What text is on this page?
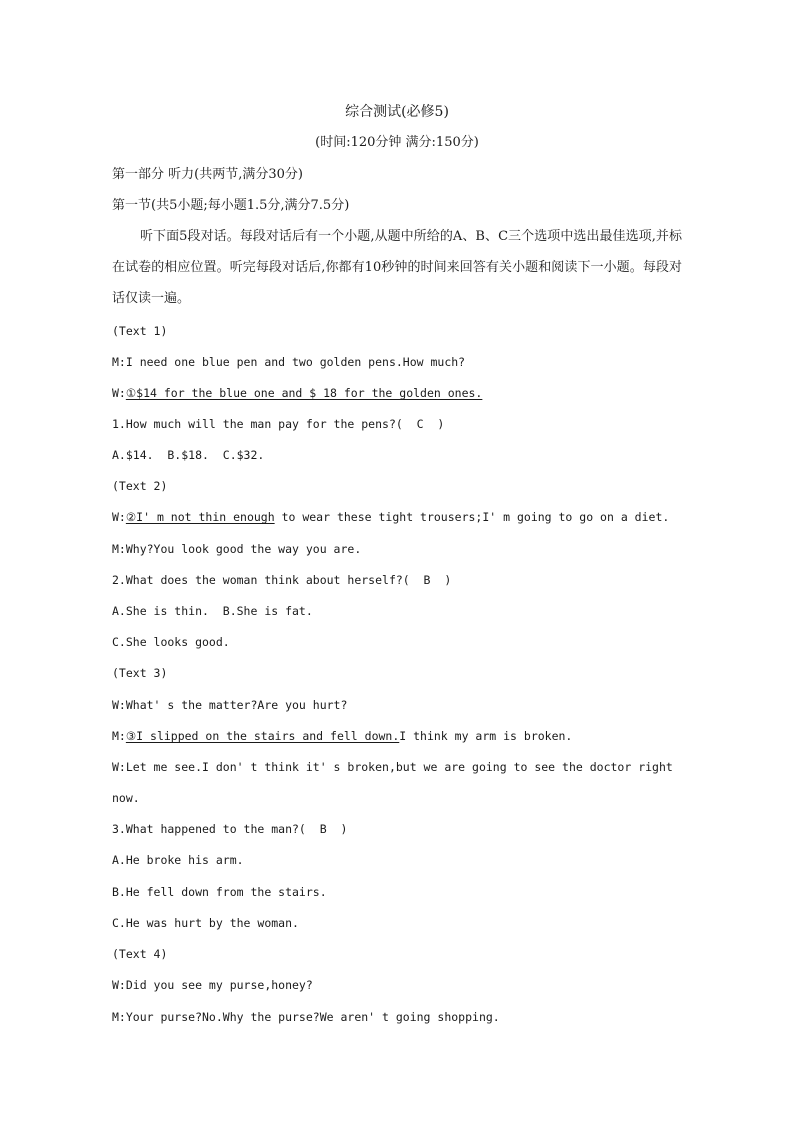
综合测试(必修5)
(时间:120分钟 满分:150分)
第一部分 听力(共两节,满分30分)
第一节(共5小题;每小题1.5分,满分7.5分)
听下面5段对话。每段对话后有一个小题,从题中所给的A、B、C三个选项中选出最佳选项,并标在试卷的相应位置。听完每段对话后,你都有10秒钟的时间来回答有关小题和阅读下一小题。每段对话仅读一遍。
(Text 1)
M:I need one blue pen and two golden pens.How much?
W:①$14 for the blue one and $ 18 for the golden ones.
1.How much will the man pay for the pens?(  C  )
A.$14.  B.$18.  C.$32.
(Text 2)
W:②I' m not thin enough to wear these tight trousers;I' m going to go on a diet.
M:Why?You look good the way you are.
2.What does the woman think about herself?(  B  )
A.She is thin.  B.She is fat.
C.She looks good.
(Text 3)
W:What' s the matter?Are you hurt?
M:③I slipped on the stairs and fell down.I think my arm is broken.
W:Let me see.I don' t think it' s broken,but we are going to see the doctor right
now.
3.What happened to the man?(  B  )
A.He broke his arm.
B.He fell down from the stairs.
C.He was hurt by the woman.
(Text 4)
W:Did you see my purse,honey?
M:Your purse?No.Why the purse?We aren' t going shopping.
